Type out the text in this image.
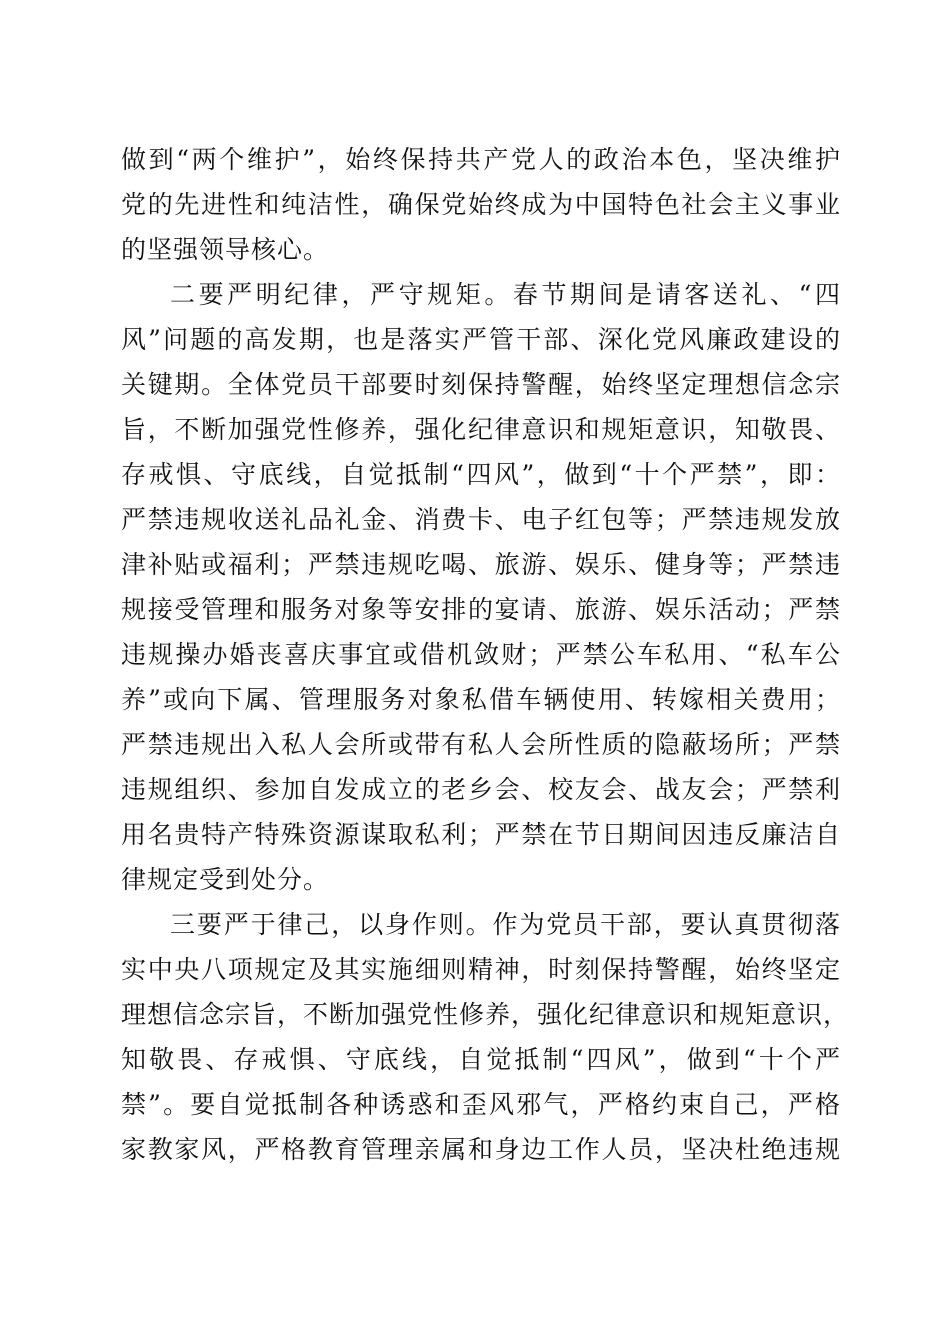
做到“两个维护”，始终保持共产党人的政治本色，坚决维护
党的先进性和纯洁性，确保党始终成为中国特色社会主义事业
的坚强领导核心。
二要严明纪律，严守规矩。春节期间是请客送礼、“四
风”问题的高发期，也是落实严管干部、深化党风廉政建设的
关键期。全体党员干部要时刻保持警醒，始终坚定理想信念宗
旨，不断加强党性修养，强化纪律意识和规矩意识，知敬畏、
存戒惧、守底线，自觉抵制“四风”，做到“十个严禁”，即：
严禁违规收送礼品礼金、消费卡、电子红包等；严禁违规发放
津补贴或福利；严禁违规吃喝、旅游、娱乐、健身等；严禁违
规接受管理和服务对象等安排的宴请、旅游、娱乐活动；严禁
违规操办婚丧喜庆事宜或借机敛财；严禁公车私用、“私车公
养”或向下属、管理服务对象私借车辆使用、转嫁相关费用；
严禁违规出入私人会所或带有私人会所性质的隐蔽场所；严禁
违规组织、参加自发成立的老乡会、校友会、战友会；严禁利
用名贵特产特殊资源谋取私利；严禁在节日期间因违反廉洁自
律规定受到处分。
三要严于律己，以身作则。作为党员干部，要认真贯彻落
实中央八项规定及其实施细则精神，时刻保持警醒，始终坚定
理想信念宗旨，不断加强党性修养，强化纪律意识和规矩意识，
知敬畏、存戒惧、守底线，自觉抵制“四风”，做到“十个严
禁”。要自觉抵制各种诱惑和歪风邪气，严格约束自己，严格
家教家风，严格教育管理亲属和身边工作人员，坚决杜绝违规
